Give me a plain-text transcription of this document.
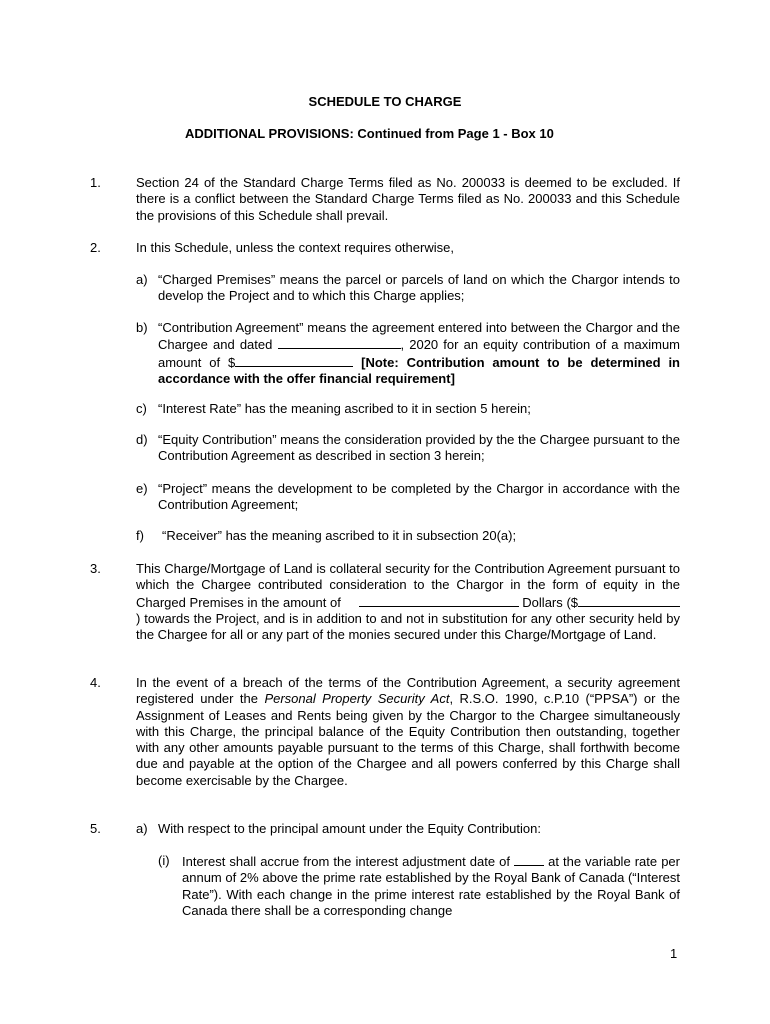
SCHEDULE TO CHARGE
ADDITIONAL PROVISIONS: Continued from Page 1 - Box 10
1.	Section 24 of the Standard Charge Terms filed as No. 200033 is deemed to be excluded. If there is a conflict between the Standard Charge Terms filed as No. 200033 and this Schedule the provisions of this Schedule shall prevail.
2.	In this Schedule, unless the context requires otherwise,
a) “Charged Premises” means the parcel or parcels of land on which the Chargor intends to develop the Project and to which this Charge applies;
b) “Contribution Agreement” means the agreement entered into between the Chargor and the Chargee and dated	, 2020 for an equity contribution of a maximum amount of $	[Note: Contribution amount to be determined in accordance with the offer financial requirement]
c) “Interest Rate” has the meaning ascribed to it in section 5 herein;
d) “Equity Contribution” means the consideration provided by the the Chargee pursuant to the Contribution Agreement as described in section 3 herein;
e) “Project” means the development to be completed by the Chargor in accordance with the Contribution Agreement;
f) “Receiver” has the meaning ascribed to it in subsection 20(a);
3.	This Charge/Mortgage of Land is collateral security for the Contribution Agreement pursuant to which the Chargee contributed consideration to the Chargor in the form of equity in the Charged Premises in the amount of	Dollars ($) towards the Project, and is in addition to and not in substitution for any other security held by the Chargee for all or any part of the monies secured under this Charge/Mortgage of Land.
4.	In the event of a breach of the terms of the Contribution Agreement, a security agreement registered under the Personal Property Security Act, R.S.O. 1990, c.P.10 (“PPSA”) or the Assignment of Leases and Rents being given by the Chargor to the Chargee simultaneously with this Charge, the principal balance of the Equity Contribution then outstanding, together with any other amounts payable pursuant to the terms of this Charge, shall forthwith become due and payable at the option of the Chargee and all powers conferred by this Charge shall become exercisable by the Chargee.
5.	a) With respect to the principal amount under the Equity Contribution:
(i) Interest shall accrue from the interest adjustment date of	at the variable rate per annum of 2% above the prime rate established by the Royal Bank of Canada (“Interest Rate”). With each change in the prime interest rate established by the Royal Bank of Canada there shall be a corresponding change
1
